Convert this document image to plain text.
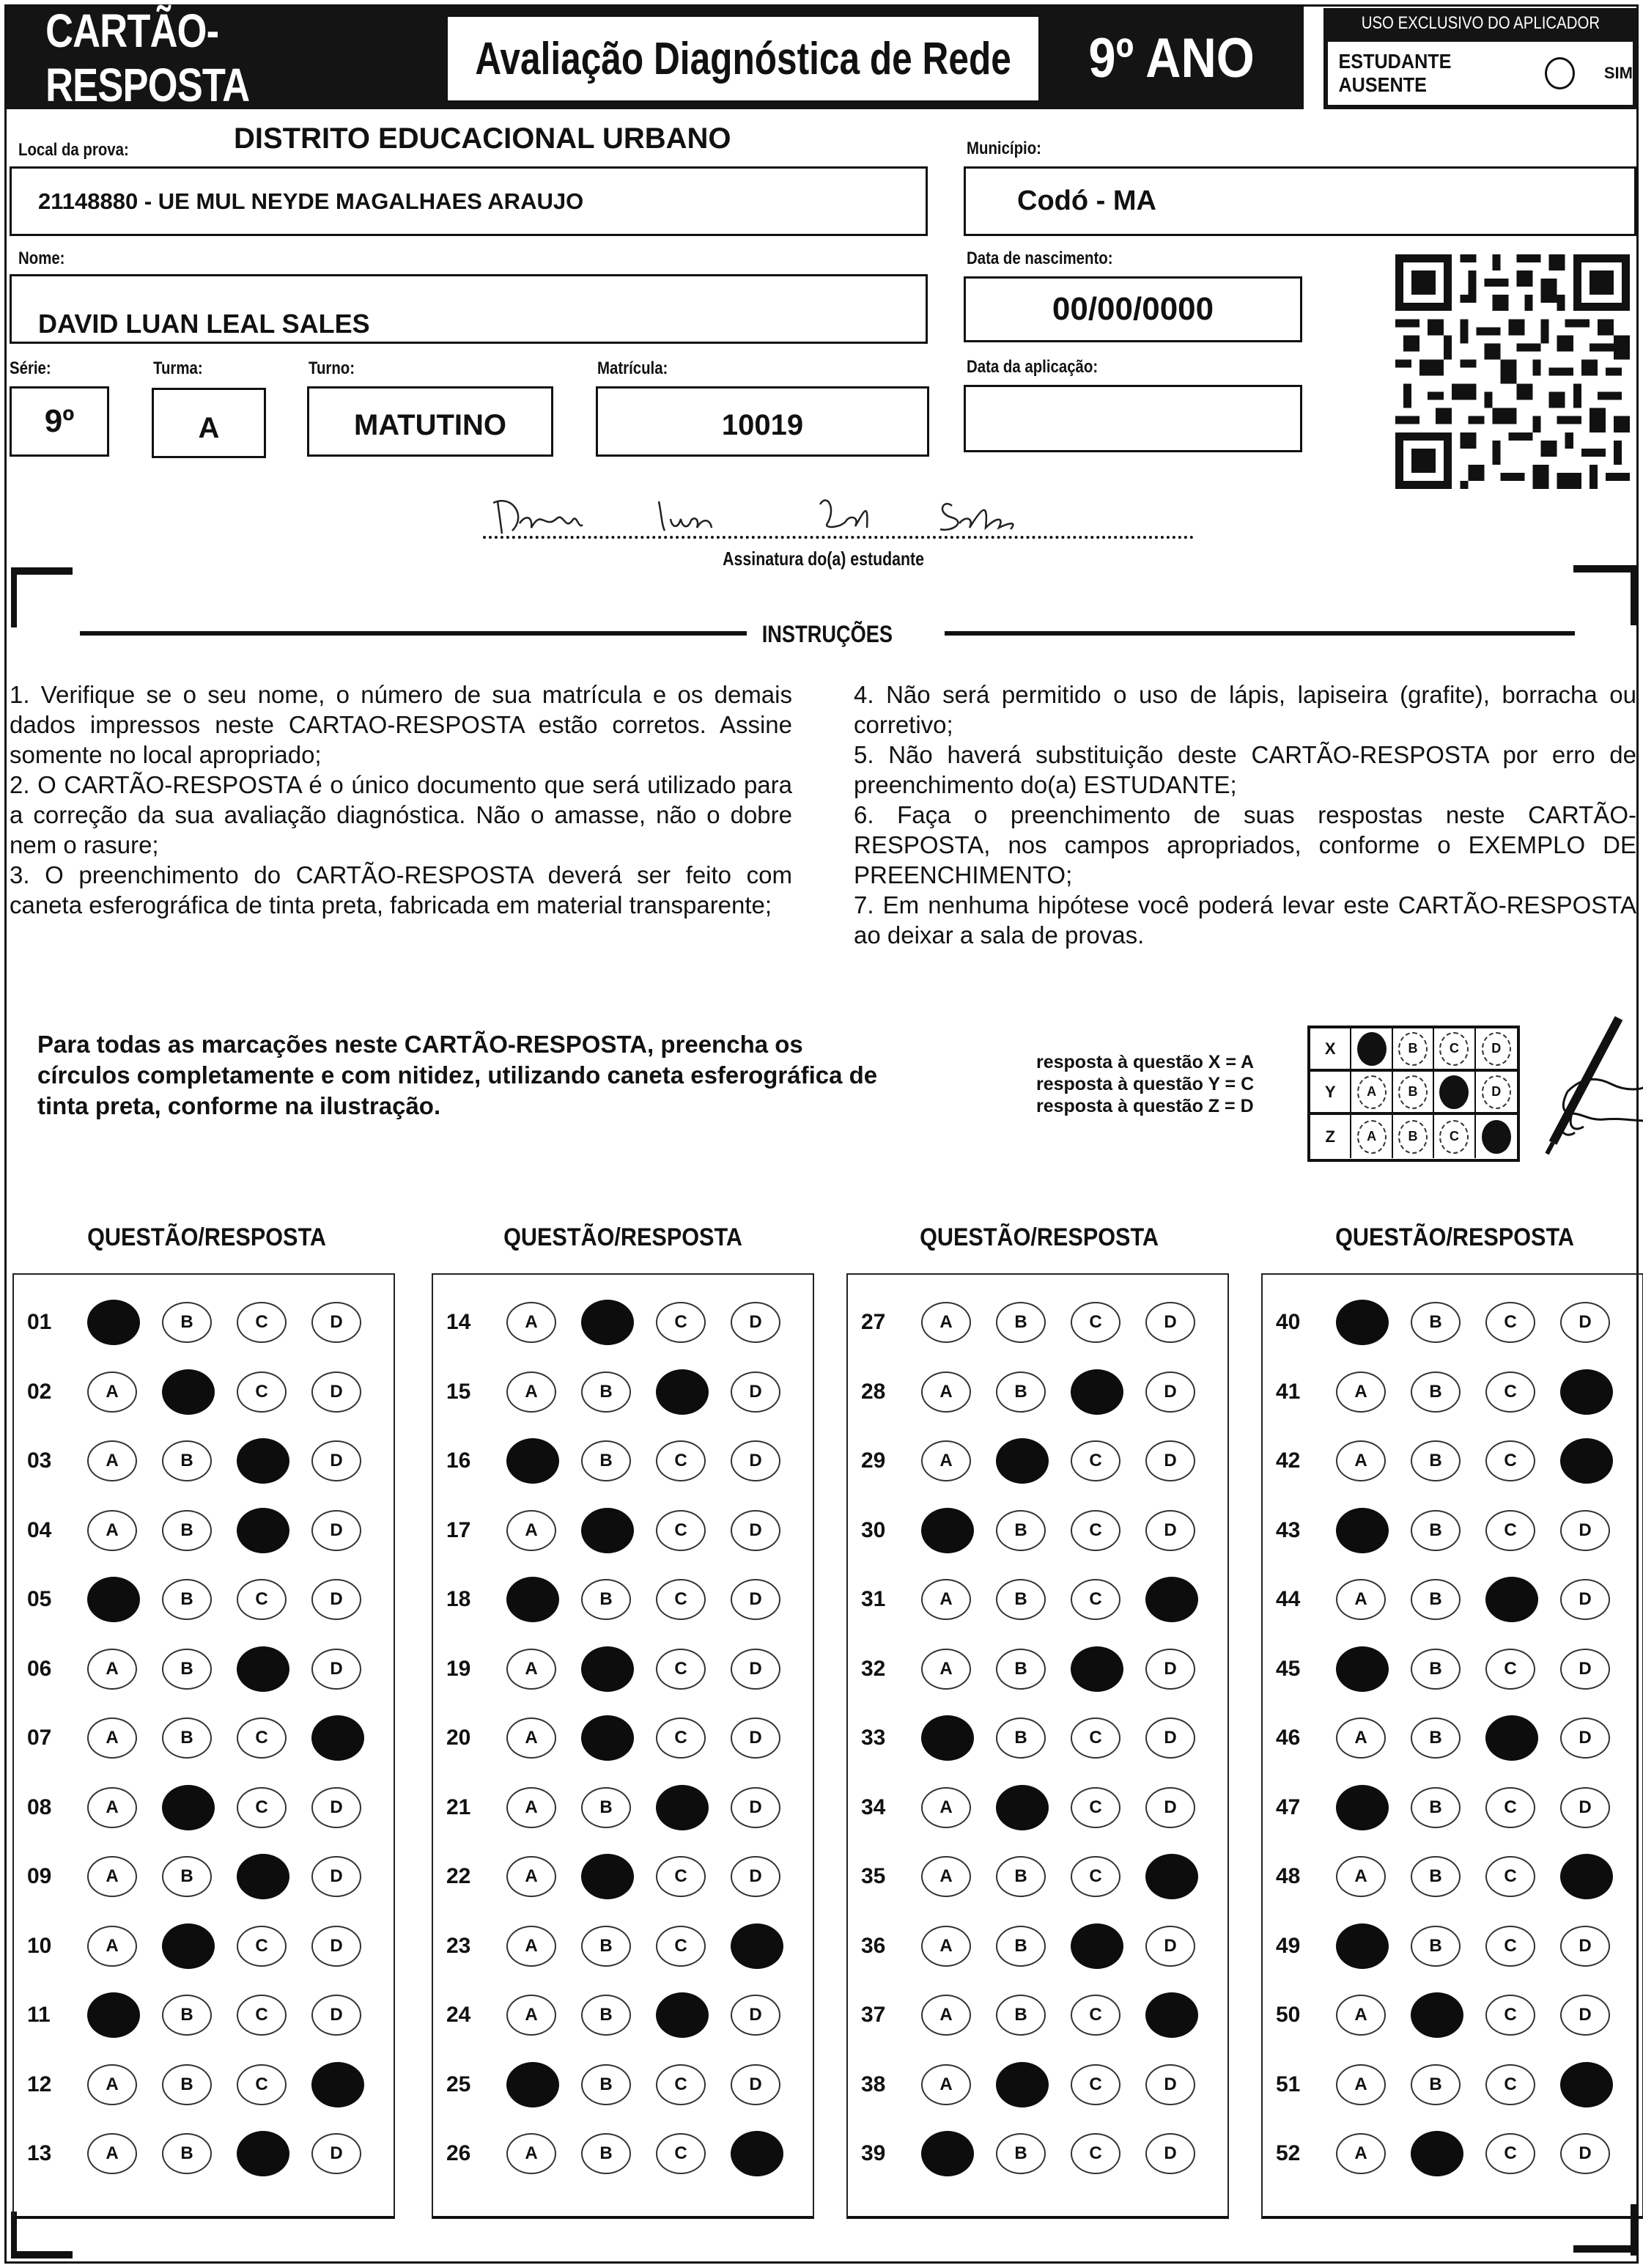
CARTÃO-RESPOSTA	Avaliação Diagnóstica de Rede 9º ANO
USO EXCLUSIVO DO APLICADOR
ESTUDANTE AUSENTE
SIM
DISTRITO EDUCACIONAL URBANO
Local da prova:
21148880 - UE MUL NEYDE MAGALHAES ARAUJO
Município:
Codó - MA
Nome:
DAVID LUAN LEAL SALES
Data de nascimento:
00/00/0000
Série:
9º
Turma:
A
Turno:
MATUTINO
Matrícula:
10019
Data da aplicação:
Assinatura do(a) estudante
INSTRUÇÕES

1. Verifique se o seu nome, o número de sua matrícula e os demais dados impressos neste CARTAO-RESPOSTA estão corretos. Assine somente no local apropriado;

2. O CARTÃO-RESPOSTA é o único documento que será utilizado para a correção da sua avaliação diagnóstica. Não o amasse, não o dobre nem o rasure;

3. O preenchimento do CARTÃO-RESPOSTA deverá ser feito com caneta esferográfica de tinta preta, fabricada em material transparente;

4. Não será permitido o uso de lápis, lapiseira (grafite), borracha ou corretivo;

5. Não haverá substituição deste CARTÃO-RESPOSTA por erro de preenchimento do(a) ESTUDANTE;

6. Faça o preenchimento de suas respostas neste CARTÃO-RESPOSTA, nos campos apropriados, conforme o EXEMPLO DE PREENCHIMENTO;

7. Em nenhuma hipótese você poderá levar este CARTÃO-RESPOSTA ao deixar a sala de provas.

Para todas as marcações neste CARTÃO-RESPOSTA, preencha os círculos completamente e com nitidez, utilizando caneta esferográfica de tinta preta, conforme na ilustração.
resposta à questão X = A
resposta à questão Y = C
resposta à questão Z = D
X	B	C	D
Y	A	B	D
Z	A	B	C
QUESTÃO/RESPOSTA	QUESTÃO/RESPOSTA	QUESTÃO/RESPOSTA	QUESTÃO/RESPOSTA
01	B	C	D
02	A	C	D
03	A	B	D
04	A	B	D
05	B	C	D
06	A	B	D
07	A	B	C
08	A	C	D
09	A	B	D
10	A	C	D
11	B	C	D
12	A	B	C
13	A	B	D
14	A	C	D
15	A	B	D
16	B	C	D
17	A	C	D
18	B	C	D
19	A	C	D
20	A	C	D
21	A	B	D
22	A	C	D
23	A	B	C
24	A	B	D
25	B	C	D
26	A	B	C
27	A	B	C	D
28	A	B	D
29	A	C	D
30	B	C	D
31	A	B	C
32	A	B	D
33	B	C	D
34	A	C	D
35	A	B	C
36	A	B	D
37	A	B	C
38	A	C	D
39	B	C	D
40	B	C	D
41	A	B	C
42	A	B	C
43	B	C	D
44	A	B	D
45	B	C	D
46	A	B	D
47	B	C	D
48	A	B	C
49	B	C	D
50	A	C	D
51	A	B	C
52	A	C	D
